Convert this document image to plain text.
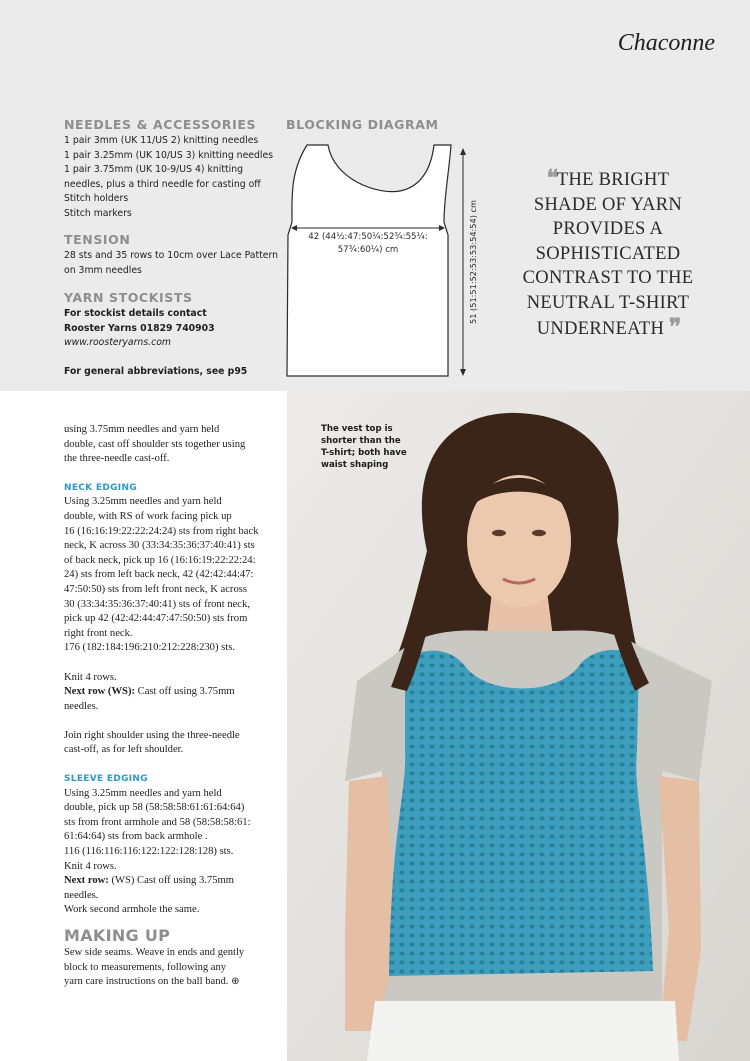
Chaconne
NEEDLES & ACCESSORIES
1 pair 3mm (UK 11/US 2) knitting needles
1 pair 3.25mm (UK 10/US 3) knitting needles
1 pair 3.75mm (UK 10-9/US 4) knitting
needles, plus a third needle for casting off
Stitch holders
Stitch markers
TENSION
28 sts and 35 rows to 10cm over Lace Pattern
on 3mm needles
YARN STOCKISTS
For stockist details contact
Rooster Yarns 01829 740903
www.roosteryarns.com
For general abbreviations, see p95
BLOCKING DIAGRAM
42 (44½:47:50¼:52¾:55¼:
57¾:60¼) cm	51 (51:51:52:53:53:54:54) cm
❛❛THE BRIGHT SHADE OF YARN PROVIDES A SOPHISTICATED CONTRAST TO THE NEUTRAL T-SHIRT UNDERNEATH ❜❜

using 3.75mm needles and yarn held

double, cast off shoulder sts together using

the three-needle cast-off.

NECK EDGING

Using 3.25mm needles and yarn held

double, with RS of work facing pick up

16 (16:16:19:22:22:24:24) sts from right back

neck, K across 30 (33:34:35:36:37:40:41) sts

of back neck, pick up 16 (16:16:19:22:22:24:

24) sts from left back neck, 42 (42:42:44:47:

47:50:50) sts from left front neck, K across

30 (33:34:35:36:37:40:41) sts of front neck,

pick up 42 (42:42:44:47:47:50:50) sts from

right front neck.

176 (182:184:196:210:212:228:230) sts.

Knit 4 rows.

Next row (WS): Cast off using 3.75mm

needles.

Join right shoulder using the three-needle

cast-off, as for left shoulder.

SLEEVE EDGING

Using 3.25mm needles and yarn held

double, pick up 58 (58:58:58:61:61:64:64)

sts from front armhole and 58 (58:58:58:61:

61:64:64) sts from back armhole .

116 (116:116:116:122:122:128:128) sts.

Knit 4 rows.

Next row: (WS) Cast off using 3.75mm

needles.

Work second armhole the same.

MAKING UP

Sew side seams. Weave in ends and gently

block to measurements, following any

yarn care instructions on the ball band. ⊕

The vest top is shorter than the T-shirt; both have waist shaping
